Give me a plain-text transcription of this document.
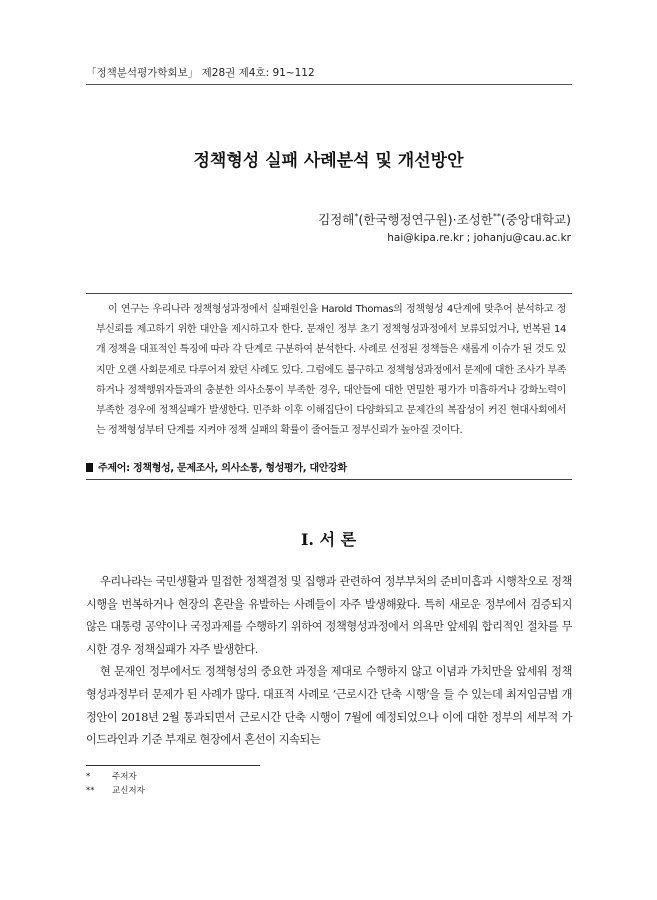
「정책분석평가학회보」 제28권 제4호: 91~112
정책형성 실패 사례분석 및 개선방안
김정해*(한국행정연구원)·조성한**(중앙대학교)
hai@kipa.re.kr ; johanju@cau.ac.kr

이 연구는 우리나라 정책형성과정에서 실패원인을 Harold Thomas의 정책형성 4단계에 맞추어 분석하고 정부신뢰를 제고하기 위한 대안을 제시하고자 한다. 문재인 정부 초기 정책형성과정에서 보류되었거나, 번복된 14개 정책을 대표적인 특징에 따라 각 단계로 구분하여 분석한다. 사례로 선정된 정책들은 새롭게 이슈가 된 것도 있지만 오랜 사회문제로 다루어져 왔던 사례도 있다. 그럼에도 불구하고 정책형성과정에서 문제에 대한 조사가 부족하거나 정책행위자들과의 충분한 의사소통이 부족한 경우, 대안들에 대한 면밀한 평가가 미흡하거나 강화노력이 부족한 경우에 정책실패가 발생한다. 민주화 이후 이해집단이 다양화되고 문제간의 복잡성이 커진 현대사회에서는 정책형성부터 단계를 지켜야 정책 실패의 확률이 줄어들고 정부신뢰가 높아질 것이다.

주제어: 정책형성, 문제조사, 의사소통, 형성평가, 대안강화
Ⅰ. 서 론

우리나라는 국민생활과 밀접한 정책결정 및 집행과 관련하여 정부부처의 준비미흡과 시행착오로 정책시행을 번복하거나 현장의 혼란을 유발하는 사례들이 자주 발생해왔다. 특히 새로운 정부에서 검증되지 않은 대통령 공약이나 국정과제를 수행하기 위하여 정책형성과정에서 의욕만 앞세워 합리적인 절차를 무시한 경우 정책실패가 자주 발생한다.

현 문재인 정부에서도 정책형성의 중요한 과정을 제대로 수행하지 않고 이념과 가치만을 앞세워 정책형성과정부터 문제가 된 사례가 많다. 대표적 사례로 ‘근로시간 단축 시행’을 들 수 있는데 최저임금법 개정안이 2018년 2월 통과되면서 근로시간 단축 시행이 7월에 예정되었으나 이에 대한 정부의 세부적 가이드라인과 기준 부재로 현장에서 혼선이 지속되는

*	주저자
** 교신저자
